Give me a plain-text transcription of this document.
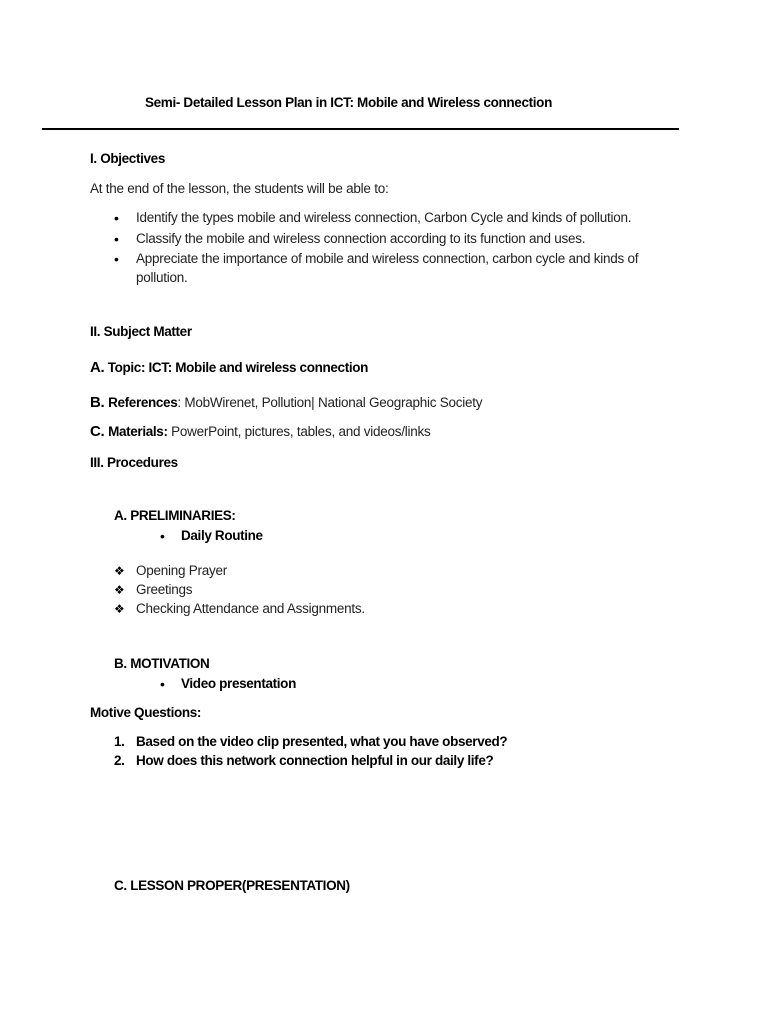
Semi- Detailed Lesson Plan in ICT: Mobile and Wireless connection
I. Objectives
At the end of the lesson, the students will be able to:
• Identify the types mobile and wireless connection, Carbon Cycle and kinds of pollution.
• Classify the mobile and wireless connection according to its function and uses.
• Appreciate the importance of mobile and wireless connection, carbon cycle and kinds of
pollution.
II. Subject Matter
A. Topic: ICT: Mobile and wireless connection
B. References: MobWirenet, Pollution| National Geographic Society
C. Materials: PowerPoint, pictures, tables, and videos/links
III. Procedures
A. PRELIMINARIES:
• Daily Routine
❖ Opening Prayer
❖ Greetings
❖ Checking Attendance and Assignments.
B. MOTIVATION
• Video presentation
Motive Questions:
1. Based on the video clip presented, what you have observed?
2. How does this network connection helpful in our daily life?
C. LESSON PROPER(PRESENTATION)
